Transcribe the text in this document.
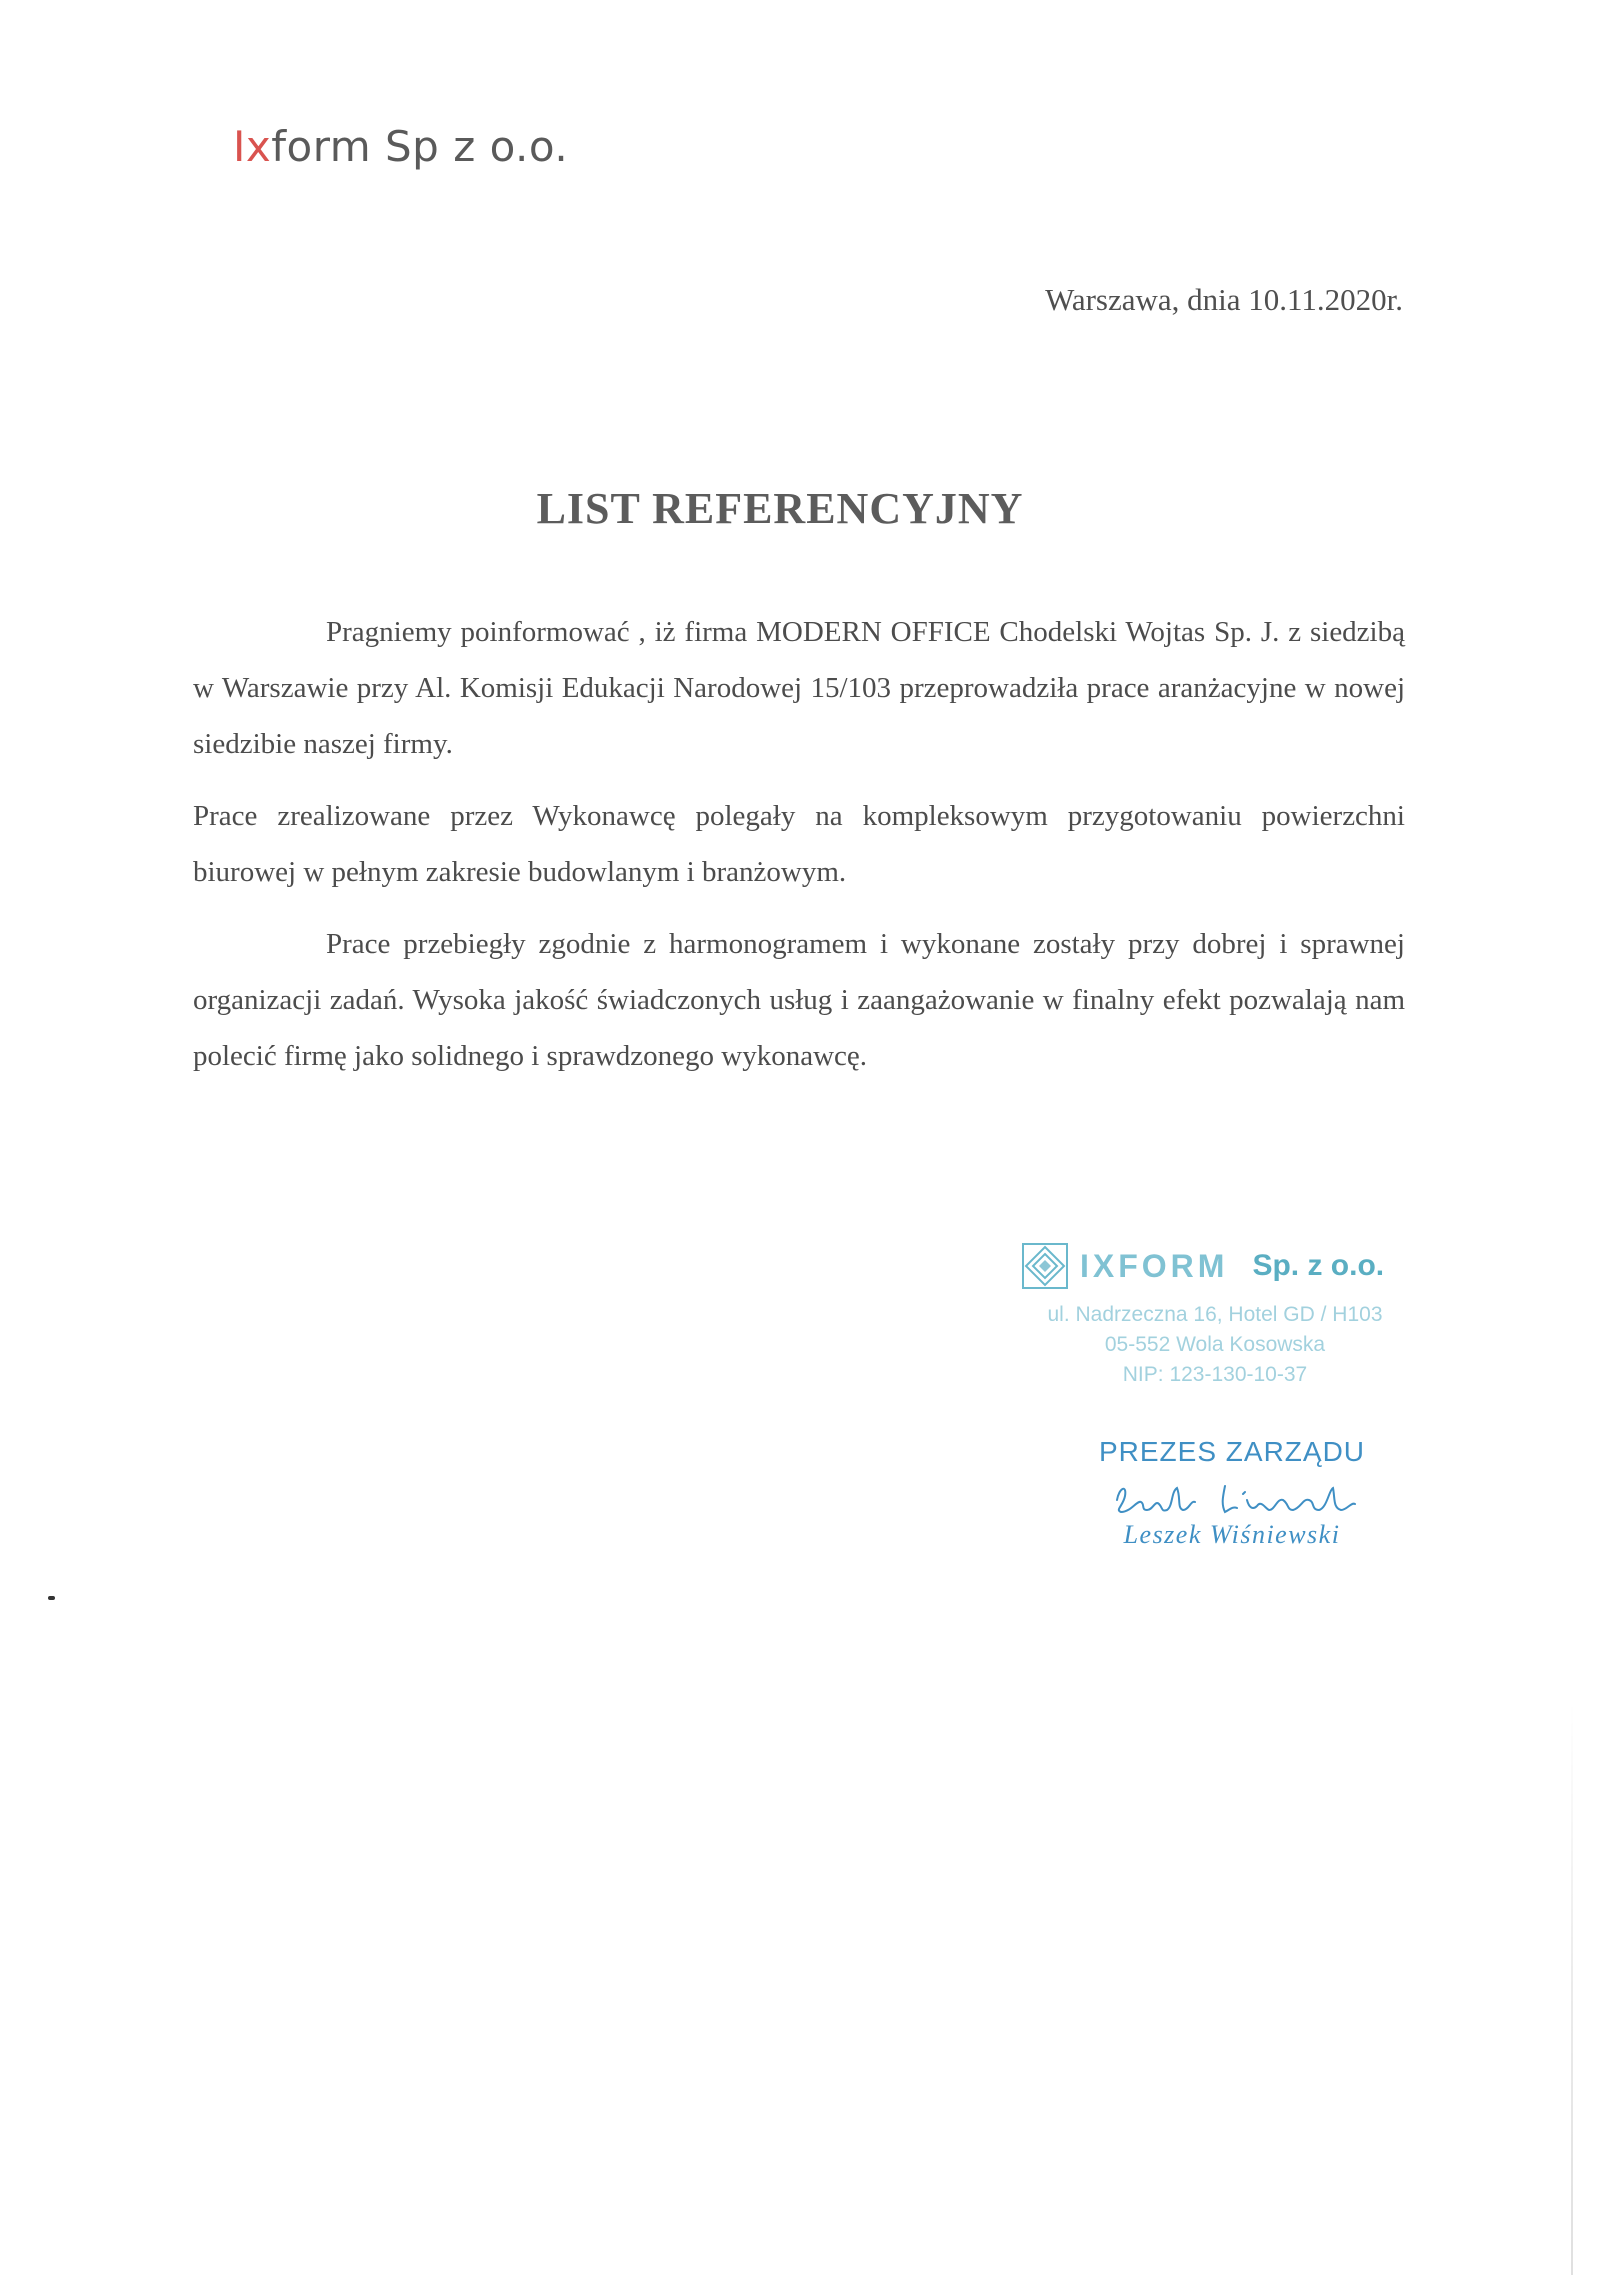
Ixform Sp z o.o.
Warszawa, dnia 10.11.2020r.
LIST REFERENCYJNY

Pragniemy poinformować , iż firma MODERN OFFICE Chodelski Wojtas Sp. J. z siedzibą w Warszawie przy Al. Komisji Edukacji Narodowej 15/103 przeprowadziła prace aranżacyjne w nowej siedzibie naszej firmy.

Prace zrealizowane przez Wykonawcę polegały na kompleksowym przygotowaniu powierzchni biurowej w pełnym zakresie budowlanym i branżowym.

Prace przebiegły zgodnie z harmonogramem i wykonane zostały przy dobrej i sprawnej organizacji zadań. Wysoka jakość świadczonych usług i zaangażowanie w finalny efekt pozwalają nam polecić firmę jako solidnego i sprawdzonego wykonawcę.

IXFORM Sp. z o.o.
ul. Nadrzeczna 16, Hotel GD / H103
05-552 Wola Kosowska
NIP: 123-130-10-37
PREZES ZARZĄDU
Leszek Wiśniewski
